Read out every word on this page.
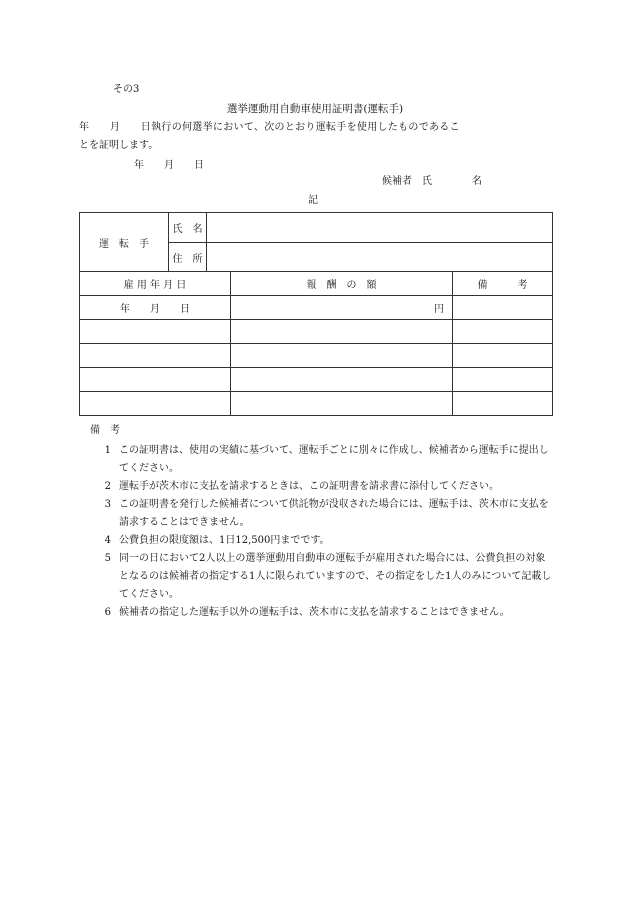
その3
選挙運動用自動車使用証明書(運転手)
年　　月　　日執行の何選挙において、次のとおり運転手を使用したものであるこ
とを証明します。
年　　月　　日
候補者　氏　　　　名
記
運　転　手	氏　名			
	住　所			
雇 用 年 月 日			報　酬　の　額	備　　　考
年　　月　　日			円	

備　考
1 この証明書は、使用の実績に基づいて、運転手ごとに別々に作成し、候補者から運転手に提出してください。
2 運転手が茨木市に支払を請求するときは、この証明書を請求書に添付してください。
3 この証明書を発行した候補者について供託物が没収された場合には、運転手は、茨木市に支払を請求することはできません。
4 公費負担の限度額は、1日12,500円までです。
5 同一の日において2人以上の選挙運動用自動車の運転手が雇用された場合には、公費負担の対象となるのは候補者の指定する1人に限られていますので、その指定をした1人のみについて記載してください。
6 候補者の指定した運転手以外の運転手は、茨木市に支払を請求することはできません。
